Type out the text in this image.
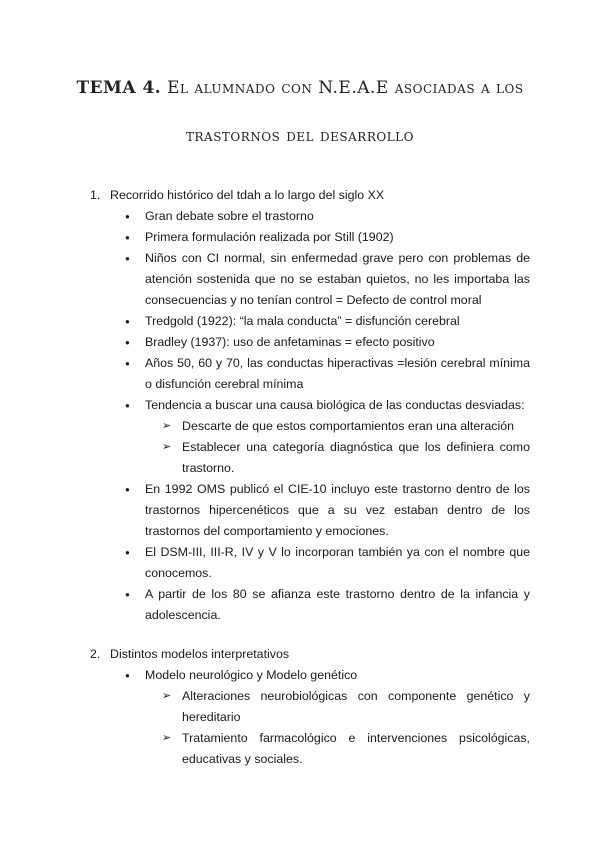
TEMA 4. El alumnado con N.E.A.E asociadas a los
trastornos del desarrollo
1. Recorrido histórico del tdah a lo largo del siglo XX
● Gran debate sobre el trastorno
● Primera formulación realizada por Still (1902)
● Niños con CI normal, sin enfermedad grave pero con problemas de atención sostenida que no se estaban quietos, no les importaba las consecuencias y no tenían control = Defecto de control moral
● Tredgold (1922): “la mala conducta” = disfunción cerebral
● Bradley (1937): uso de anfetaminas = efecto positivo
● Años 50, 60 y 70, las conductas hiperactivas =lesión cerebral mínima o disfunción cerebral mínima
● Tendencia a buscar una causa biológica de las conductas desviadas:
➢ Descarte de que estos comportamientos eran una alteración
➢ Establecer una categoría diagnóstica que los definiera como trastorno.
● En 1992 OMS publicó el CIE-10 incluyo este trastorno dentro de los trastornos hipercenéticos que a su vez estaban dentro de los trastornos del comportamiento y emociones.
● El DSM-III, III-R, IV y V lo incorporan también ya con el nombre que conocemos.
● A partir de los 80 se afianza este trastorno dentro de la infancia y adolescencia.
2. Distintos modelos interpretativos
● Modelo neurológico y Modelo genético
➢ Alteraciones neurobiológicas con componente genético y hereditario
➢ Tratamiento farmacológico e intervenciones psicológicas, educativas y sociales.
